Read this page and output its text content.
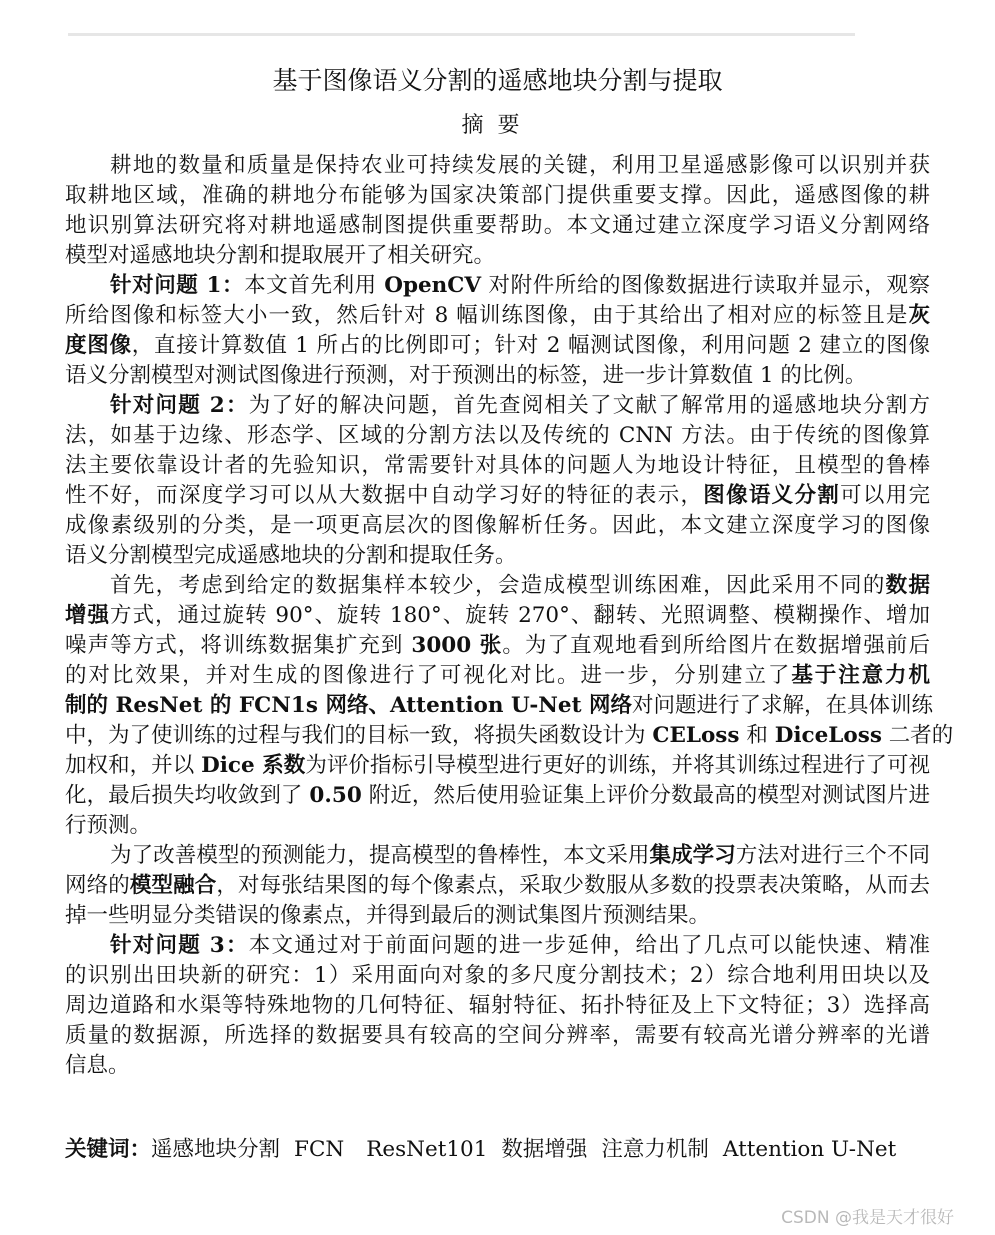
基于图像语义分割的遥感地块分割与提取
摘要
耕地的数量和质量是保持农业可持续发展的关键，利用卫星遥感影像可以识别并获
取耕地区域，准确的耕地分布能够为国家决策部门提供重要支撑。因此，遥感图像的耕
地识别算法研究将对耕地遥感制图提供重要帮助。本文通过建立深度学习语义分割网络
模型对遥感地块分割和提取展开了相关研究。
针对问题 1：本文首先利用 OpenCV 对附件所给的图像数据进行读取并显示，观察
所给图像和标签大小一致，然后针对 8 幅训练图像，由于其给出了相对应的标签且是灰
度图像，直接计算数值 1 所占的比例即可；针对 2 幅测试图像，利用问题 2 建立的图像
语义分割模型对测试图像进行预测，对于预测出的标签，进一步计算数值 1 的比例。
针对问题 2：为了好的解决问题，首先查阅相关了文献了解常用的遥感地块分割方
法，如基于边缘、形态学、区域的分割方法以及传统的 CNN 方法。由于传统的图像算
法主要依靠设计者的先验知识，常需要针对具体的问题人为地设计特征，且模型的鲁棒
性不好，而深度学习可以从大数据中自动学习好的特征的表示，图像语义分割可以用完
成像素级别的分类，是一项更高层次的图像解析任务。因此，本文建立深度学习的图像
语义分割模型完成遥感地块的分割和提取任务。
首先，考虑到给定的数据集样本较少，会造成模型训练困难，因此采用不同的数据
增强方式，通过旋转 90°、旋转 180°、旋转 270°、翻转、光照调整、模糊操作、增加
噪声等方式，将训练数据集扩充到 3000 张。为了直观地看到所给图片在数据增强前后
的对比效果，并对生成的图像进行了可视化对比。进一步，分别建立了基于注意力机
制的 ResNet 的 FCN1s 网络、Attention U-Net 网络对问题进行了求解，在具体训练
中，为了使训练的过程与我们的目标一致，将损失函数设计为 CELoss 和 DiceLoss 二者的
加权和，并以 Dice 系数为评价指标引导模型进行更好的训练，并将其训练过程进行了可视
化，最后损失均收敛到了 0.50 附近，然后使用验证集上评价分数最高的模型对测试图片进
行预测。
为了改善模型的预测能力，提高模型的鲁棒性，本文采用集成学习方法对进行三个不同
网络的模型融合，对每张结果图的每个像素点，采取少数服从多数的投票表决策略，从而去
掉一些明显分类错误的像素点，并得到最后的测试集图片预测结果。
针对问题 3：本文通过对于前面问题的进一步延伸，给出了几点可以能快速、精准
的识别出田块新的研究：1）采用面向对象的多尺度分割技术；2）综合地利用田块以及
周边道路和水渠等特殊地物的几何特征、辐射特征、拓扑特征及上下文特征；3）选择高
质量的数据源，所选择的数据要具有较高的空间分辨率，需要有较高光谱分辨率的光谱
信息。
关键词：遥感地块分割 FCN ResNet101 数据增强 注意力机制 Attention U-Net
CSDN @我是天才很好
